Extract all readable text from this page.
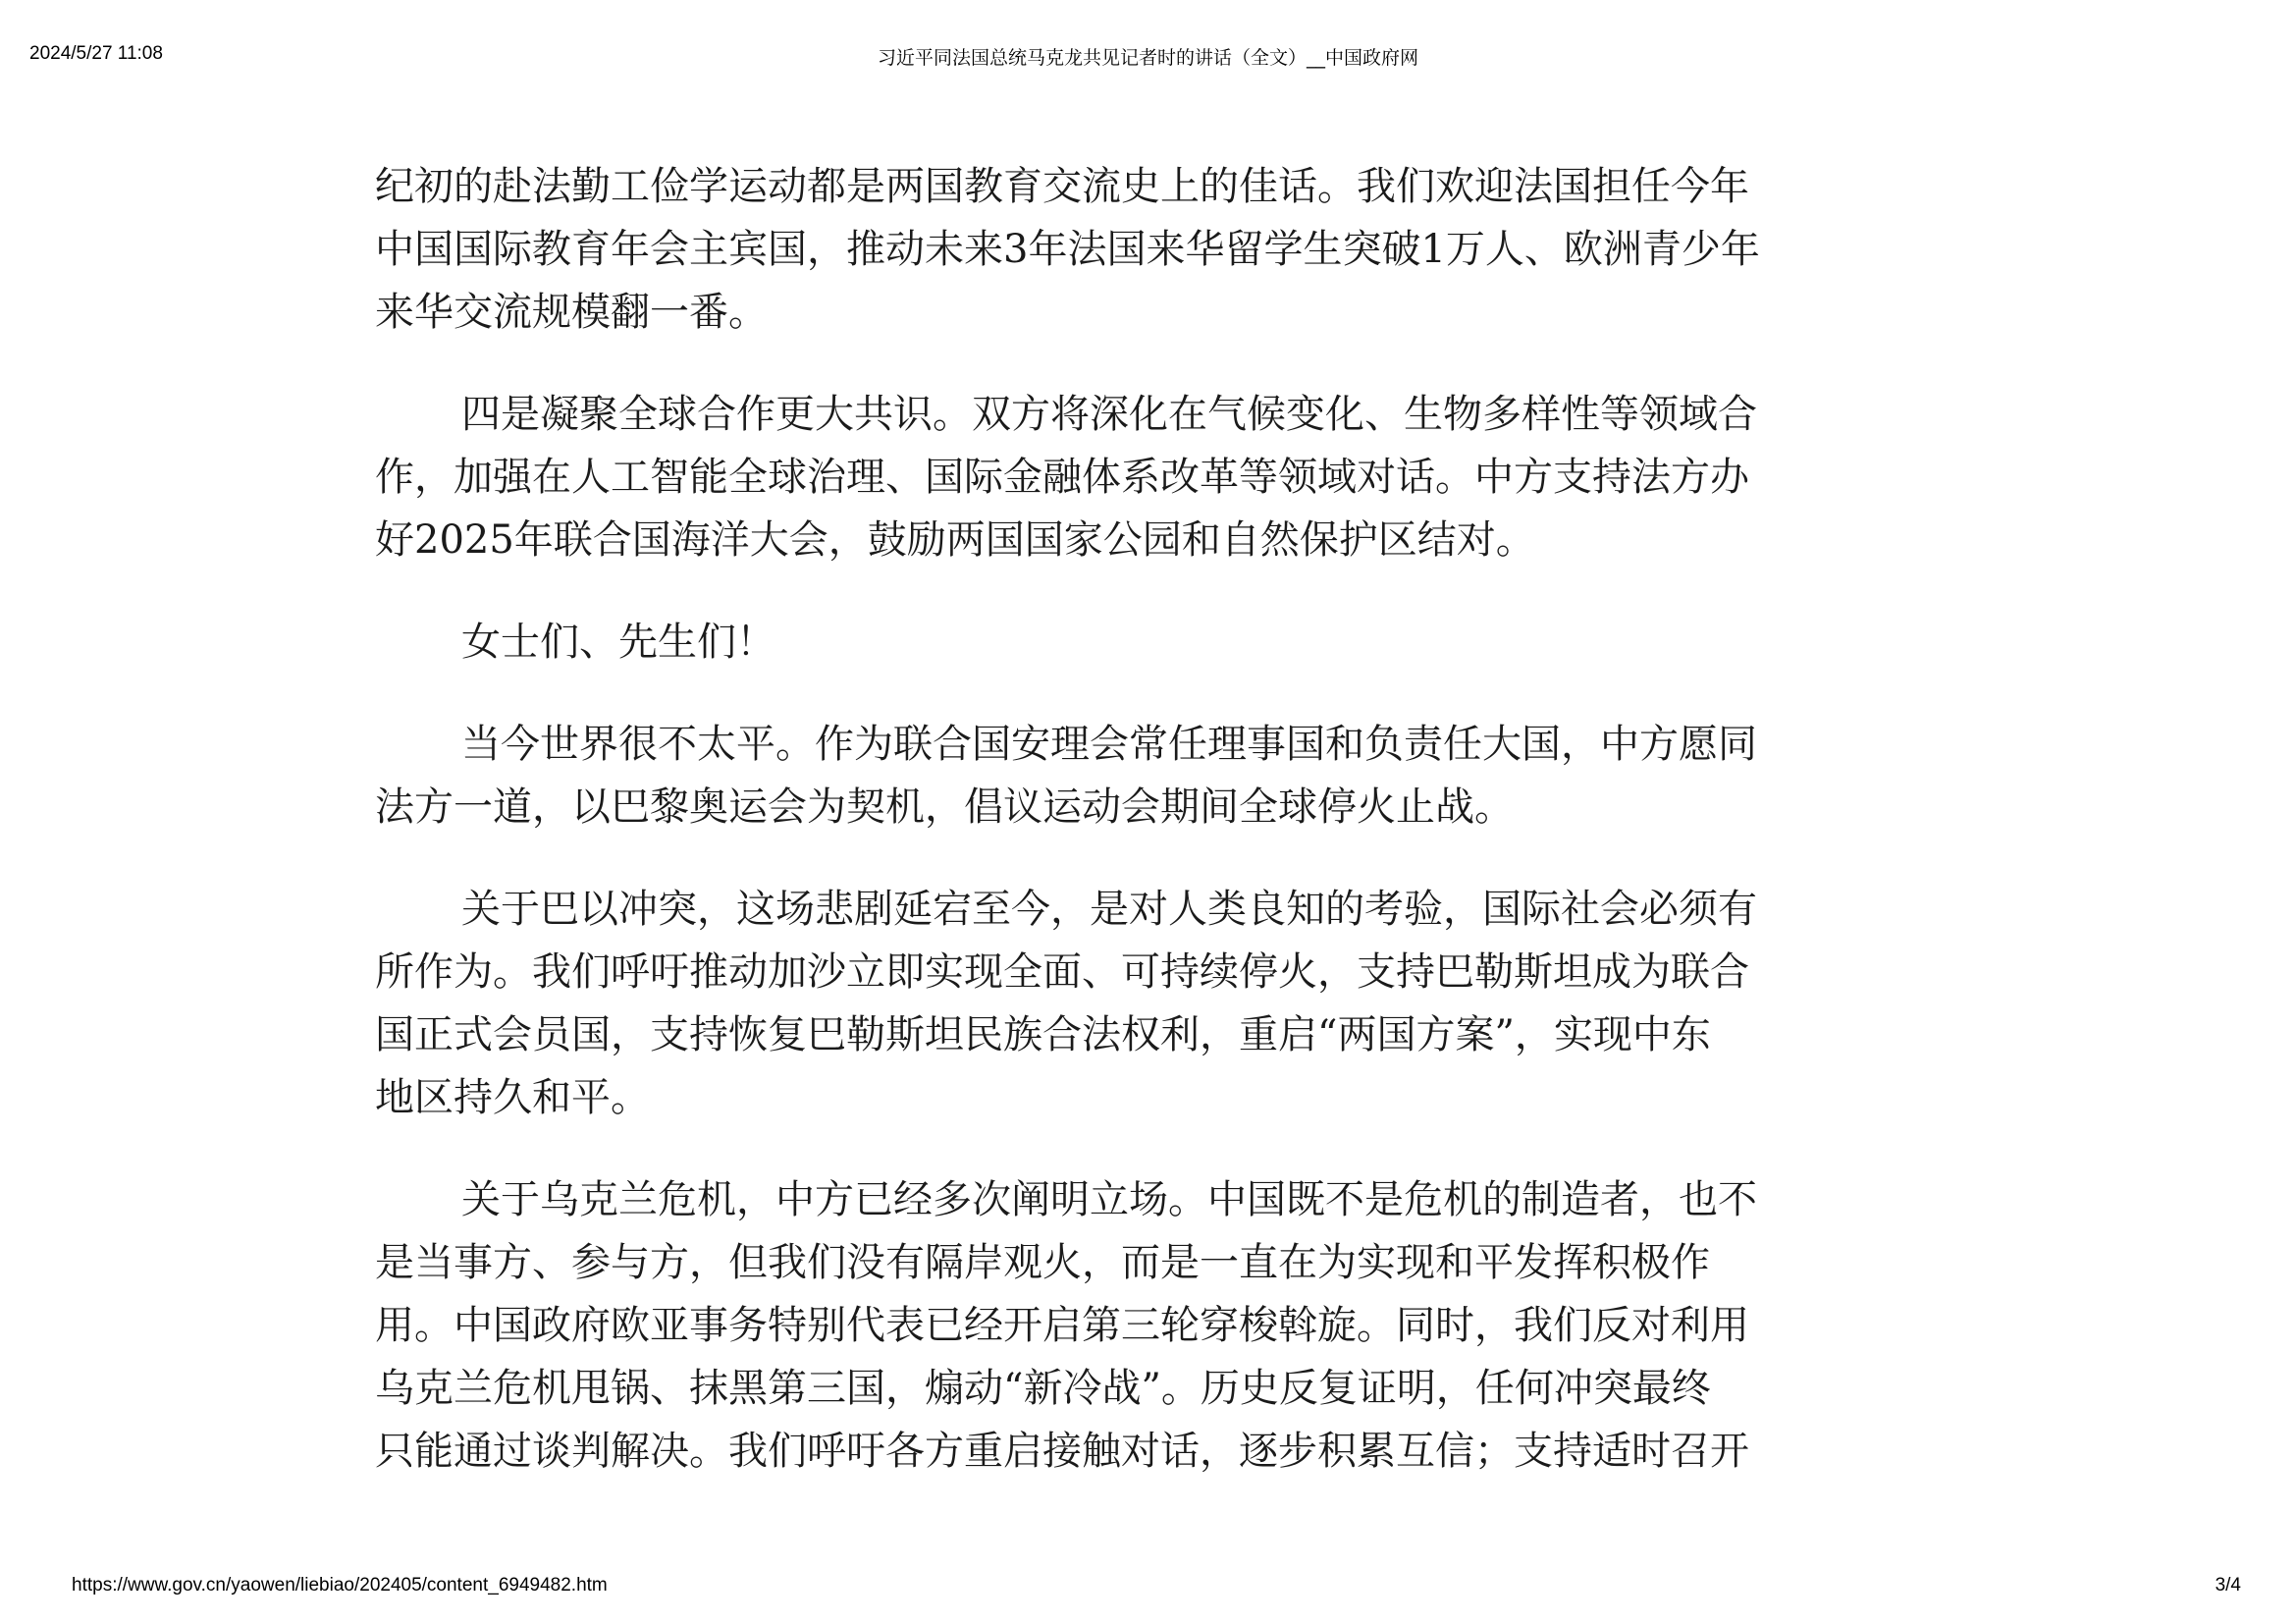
2024/5/27 11:08	习近平同法国总统马克龙共见记者时的讲话（全文）__中国政府网

纪初的赴法勤工俭学运动都是两国教育交流史上的佳话。我们欢迎法国担任今年
中国国际教育年会主宾国，推动未来3年法国来华留学生突破1万人、欧洲青少年
来华交流规模翻一番。

四是凝聚全球合作更大共识。双方将深化在气候变化、生物多样性等领域合
作，加强在人工智能全球治理、国际金融体系改革等领域对话。中方支持法方办
好2025年联合国海洋大会，鼓励两国国家公园和自然保护区结对。

女士们、先生们！

当今世界很不太平。作为联合国安理会常任理事国和负责任大国，中方愿同
法方一道，以巴黎奥运会为契机，倡议运动会期间全球停火止战。

关于巴以冲突，这场悲剧延宕至今，是对人类良知的考验，国际社会必须有
所作为。我们呼吁推动加沙立即实现全面、可持续停火，支持巴勒斯坦成为联合
国正式会员国，支持恢复巴勒斯坦民族合法权利，重启“两国方案”，实现中东
地区持久和平。

关于乌克兰危机，中方已经多次阐明立场。中国既不是危机的制造者，也不
是当事方、参与方，但我们没有隔岸观火，而是一直在为实现和平发挥积极作
用。中国政府欧亚事务特别代表已经开启第三轮穿梭斡旋。同时，我们反对利用
乌克兰危机甩锅、抹黑第三国，煽动“新冷战”。历史反复证明，任何冲突最终
只能通过谈判解决。我们呼吁各方重启接触对话，逐步积累互信；支持适时召开

https://www.gov.cn/yaowen/liebiao/202405/content_6949482.htm	3/4
